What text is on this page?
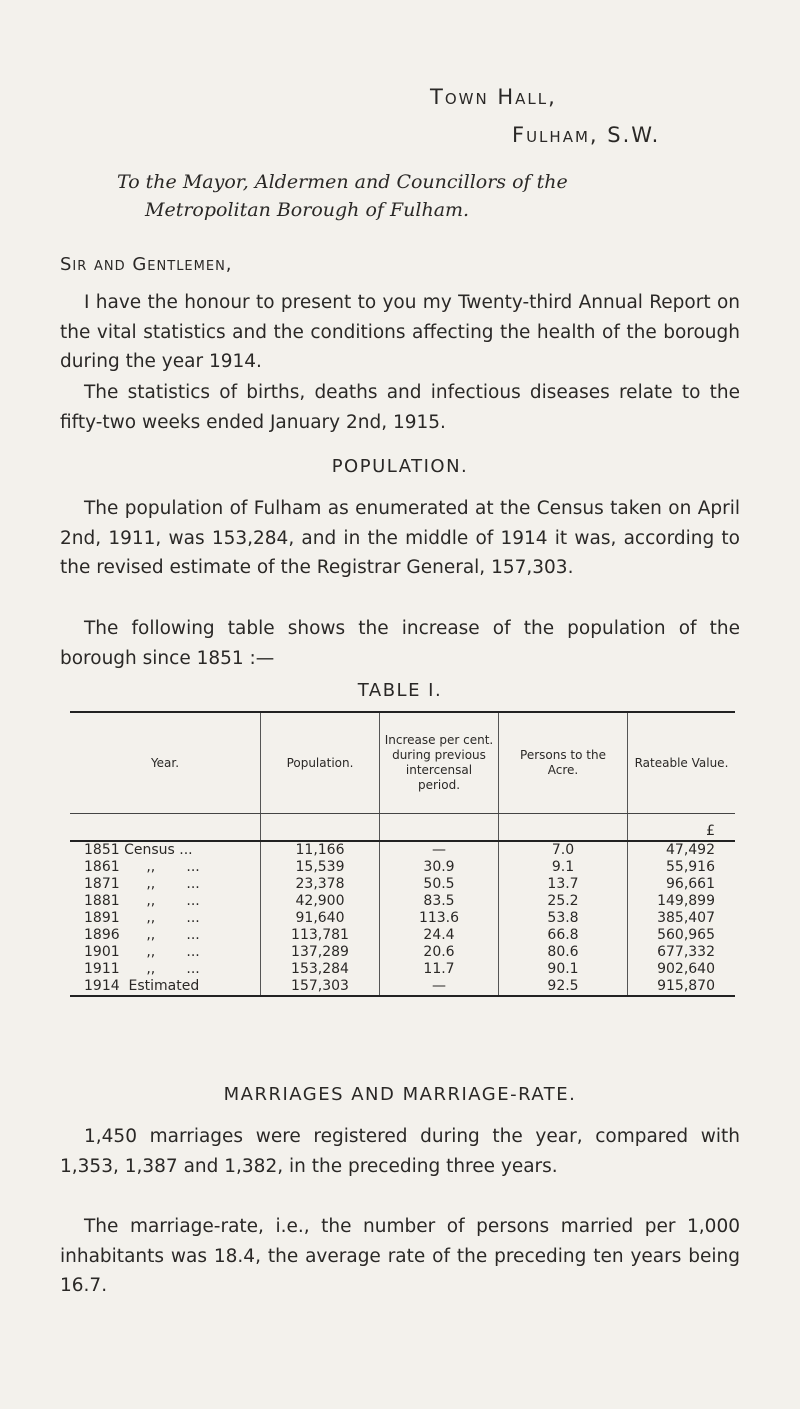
Town Hall,
Fulham, S.W.
To the Mayor, Aldermen and Councillors of the
Metropolitan Borough of Fulham.
Sir and Gentlemen,

I have the honour to present to you my Twenty-third Annual Report on the vital statistics and the conditions affecting the health of the borough during the year 1914.

The statistics of births, deaths and infectious diseases relate to the fifty-two weeks ended January 2nd, 1915.

POPULATION.

The population of Fulham as enumerated at the Census taken on April 2nd, 1911, was 153,284, and in the middle of 1914 it was, according to the revised estimate of the Registrar General, 157,303.

The following table shows the increase of the population of the borough since 1851 :—

TABLE I.
Year.	Population.	Increase per cent. during previous intercensal period.	Persons to the Acre.	Rateable Value.
				£
1851 Census ...	11,166	—	7.0	47,492
1861      ,,       ...	15,539	30.9	9.1	55,916
1871      ,,       ...	23,378	50.5	13.7	96,661
1881      ,,       ...	42,900	83.5	25.2	149,899
1891      ,,       ...	91,640	113.6	53.8	385,407
1896      ,,       ...	113,781	24.4	66.8	560,965
1901      ,,       ...	137,289	20.6	80.6	677,332
1911      ,,       ...	153,284	11.7	90.1	902,640
1914  Estimated	157,303	—	92.5	915,870
MARRIAGES AND MARRIAGE-RATE.

1,450 marriages were registered during the year, compared with 1,353, 1,387 and 1,382, in the preceding three years.

The marriage-rate, i.e., the number of persons married per 1,000 inhabitants was 18.4, the average rate of the preceding ten years being 16.7.
